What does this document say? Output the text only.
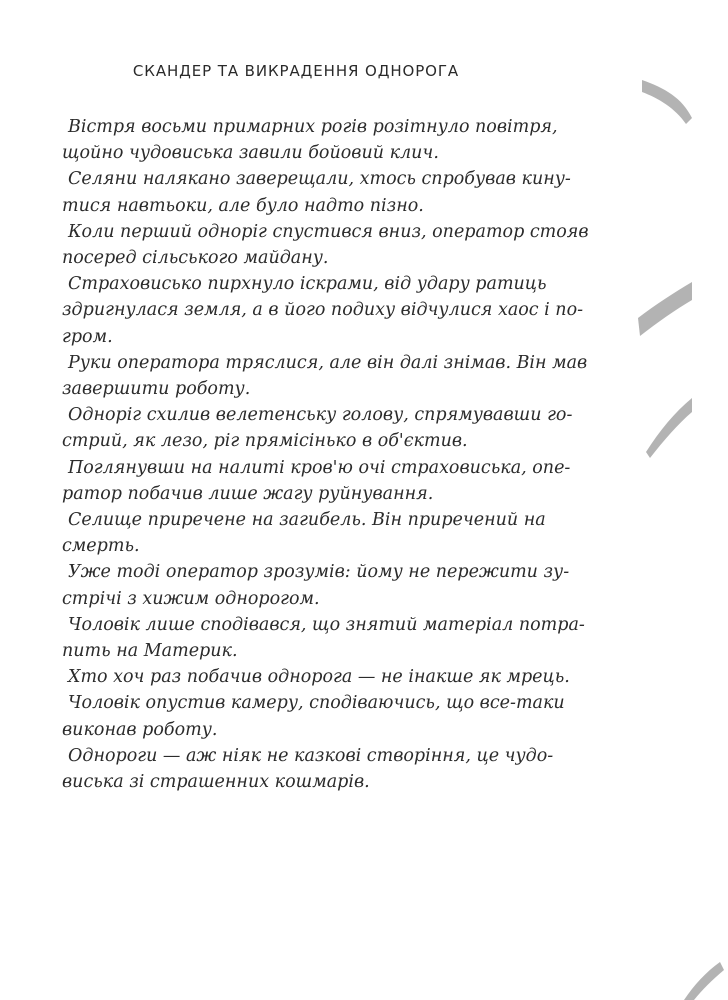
СКАНДЕР ТА ВИКРАДЕННЯ ОДНОРОГА

Вістря восьми примарних рогів розітнуло повітря,
щойно чудовиська завили бойовий клич.

Селяни налякано заверещали, хтось спробував кину-
тися навтьоки, але було надто пізно.

Коли перший однoріг спустився вниз, оператор стояв
посеред сільського майдану.

Страховисько пирхнуло іскрами, від удару ратиць
здригнулася земля, а в його подиху відчулися хаос і по-
гром.

Руки оператора тряслися, але він далі знімав. Він мав
завершити роботу.

Однoріг схилив велетенську голову, спрямувавши го-
стрий, як лезо, ріг прямісінько в об'єктив.

Поглянувши на налиті кров'ю очі страховиська, опе-
ратор побачив лише жагу руйнування.

Селище приречене на загибель. Він приречений на
смерть.

Уже тоді оператор зрозумів: йому не пережити зу-
стрічі з хижим однорогом.

Чоловік лише сподівався, що знятий матеріал потра-
пить на Материк.

Хто хоч раз побачив однорога — не інакше як мрець.

Чоловік опустив камеру, сподіваючись, що все-таки
виконав роботу.

Однороги — аж ніяк не казкові створіння, це чудо-
виська зі страшенних кошмарів.
